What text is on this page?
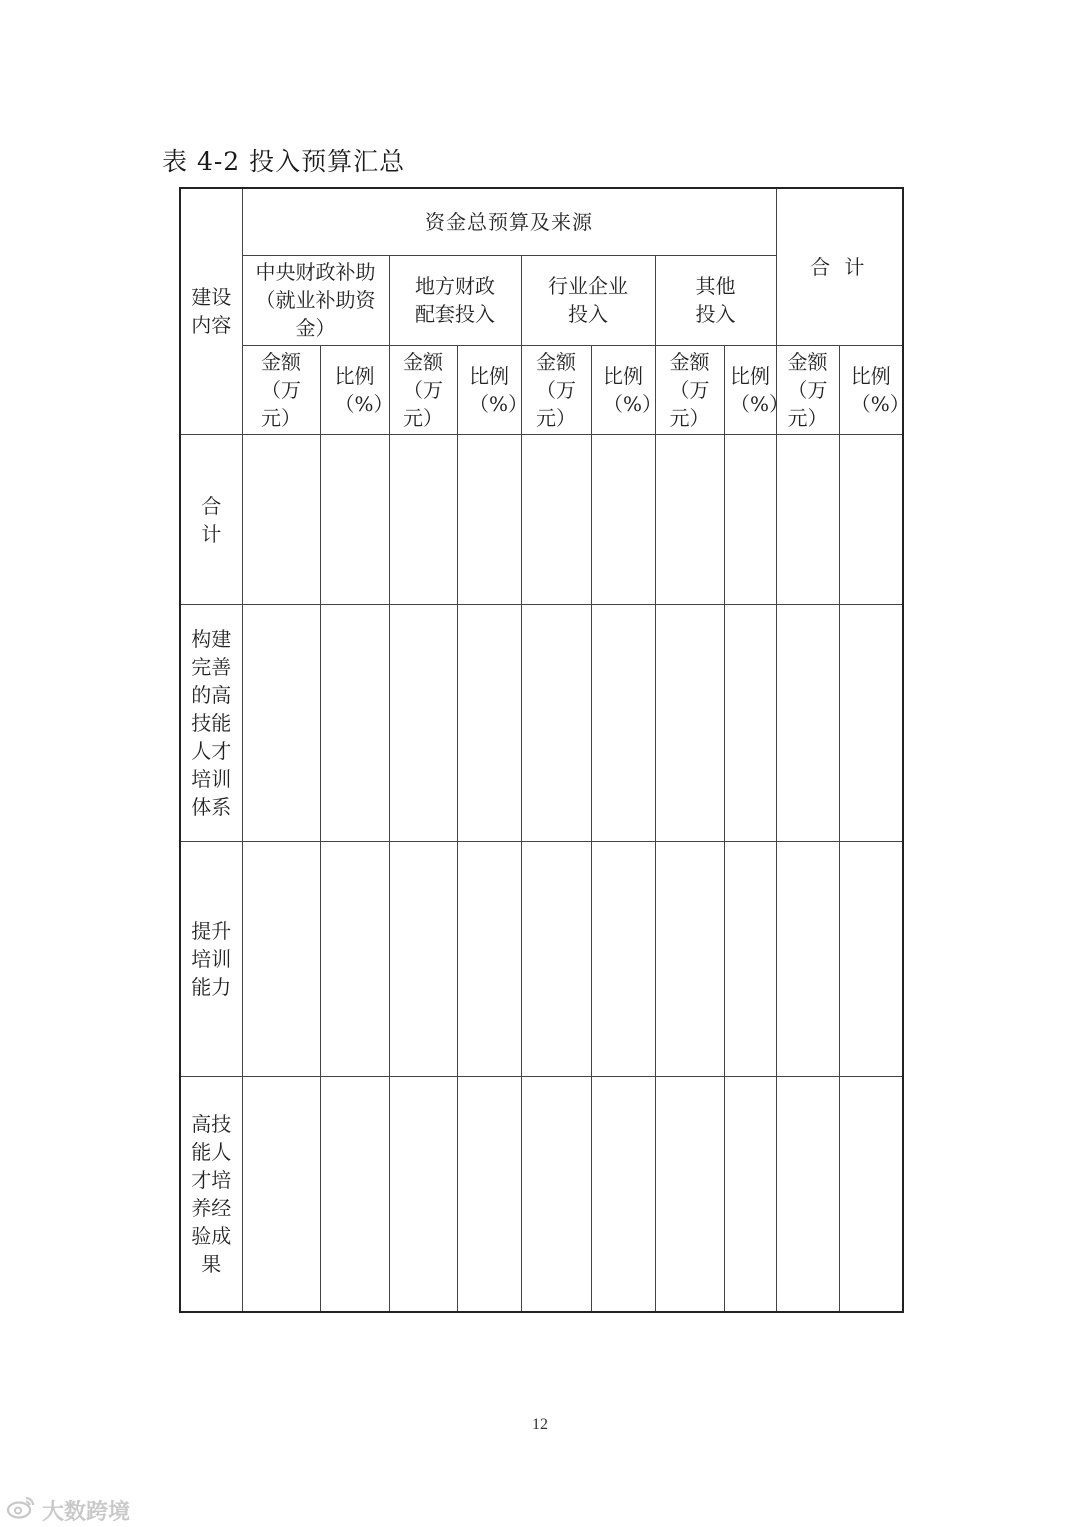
表 4-2 投入预算汇总
建设内容	资金总预算及来源								合 计	
	中央财政补助（就业补助资金）		地方财政配套投入		行业企业投入		其他投入			
	金额（万元）	比例（%）	金额（万元）	比例（%）	金额（万元）	比例（%）	金额（万元）	比例（%）	金额（万元）	比例（%）
合计										
构建完善的高技能人才培训体系										
提升培训能力										
高技能人才培养经验成果										
12
大数跨境
